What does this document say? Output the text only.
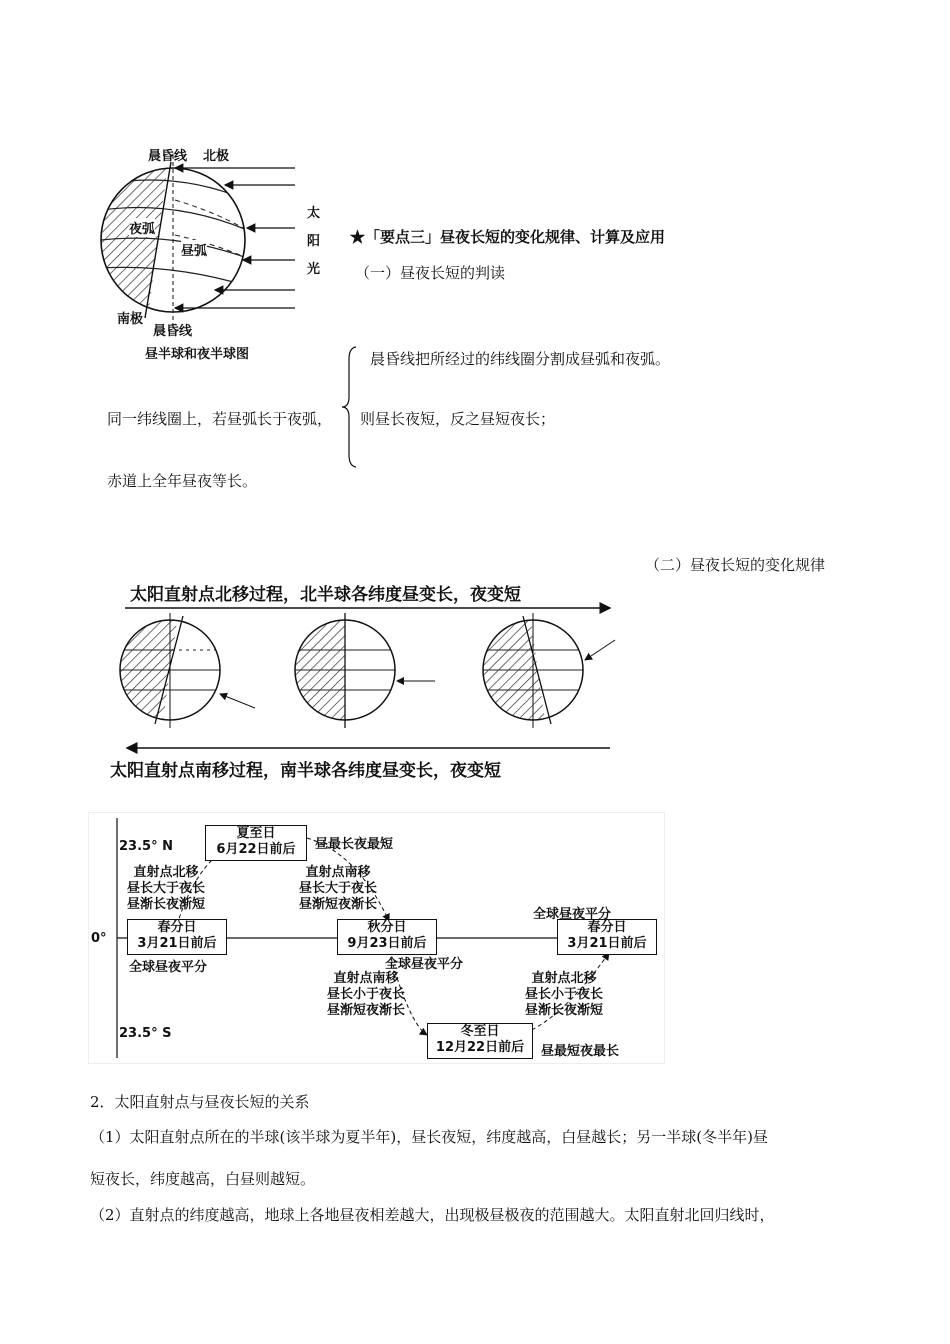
晨昏线 北极
夜弧
昼弧
南极
晨昏线
太
阳
光
昼半球和夜半球图
★「要点三」昼夜长短的变化规律、计算及应用
（一）昼夜长短的判读
晨昏线把所经过的纬线圈分割成昼弧和夜弧。
同一纬线圈上，若昼弧长于夜弧， 则昼长夜短，反之昼短夜长；
赤道上全年昼夜等长。
（二）昼夜长短的变化规律
太阳直射点北移过程，北半球各纬度昼变长，夜变短
太阳直射点南移过程，南半球各纬度昼变长，夜变短
23.5° N
0°
23.5° S
夏至日
6月22日前后	昼最长夜最短
春分日
3月21日前后
全球昼夜平分
秋分日
9月23日前后
全球昼夜平分
春分日
3月21日前后
全球昼夜平分
冬至日
12月22日前后	昼最短夜最长
直射点北移
昼长大于夜长
昼渐长夜渐短
直射点南移
昼长大于夜长
昼渐短夜渐长
直射点南移
昼长小于夜长
昼渐短夜渐长
直射点北移
昼长小于夜长
昼渐长夜渐短
2．太阳直射点与昼夜长短的关系
（1）太阳直射点所在的半球(该半球为夏半年)，昼长夜短，纬度越高，白昼越长；另一半球(冬半年)昼
短夜长，纬度越高，白昼则越短。
（2）直射点的纬度越高，地球上各地昼夜相差越大，出现极昼极夜的范围越大。太阳直射北回归线时，
